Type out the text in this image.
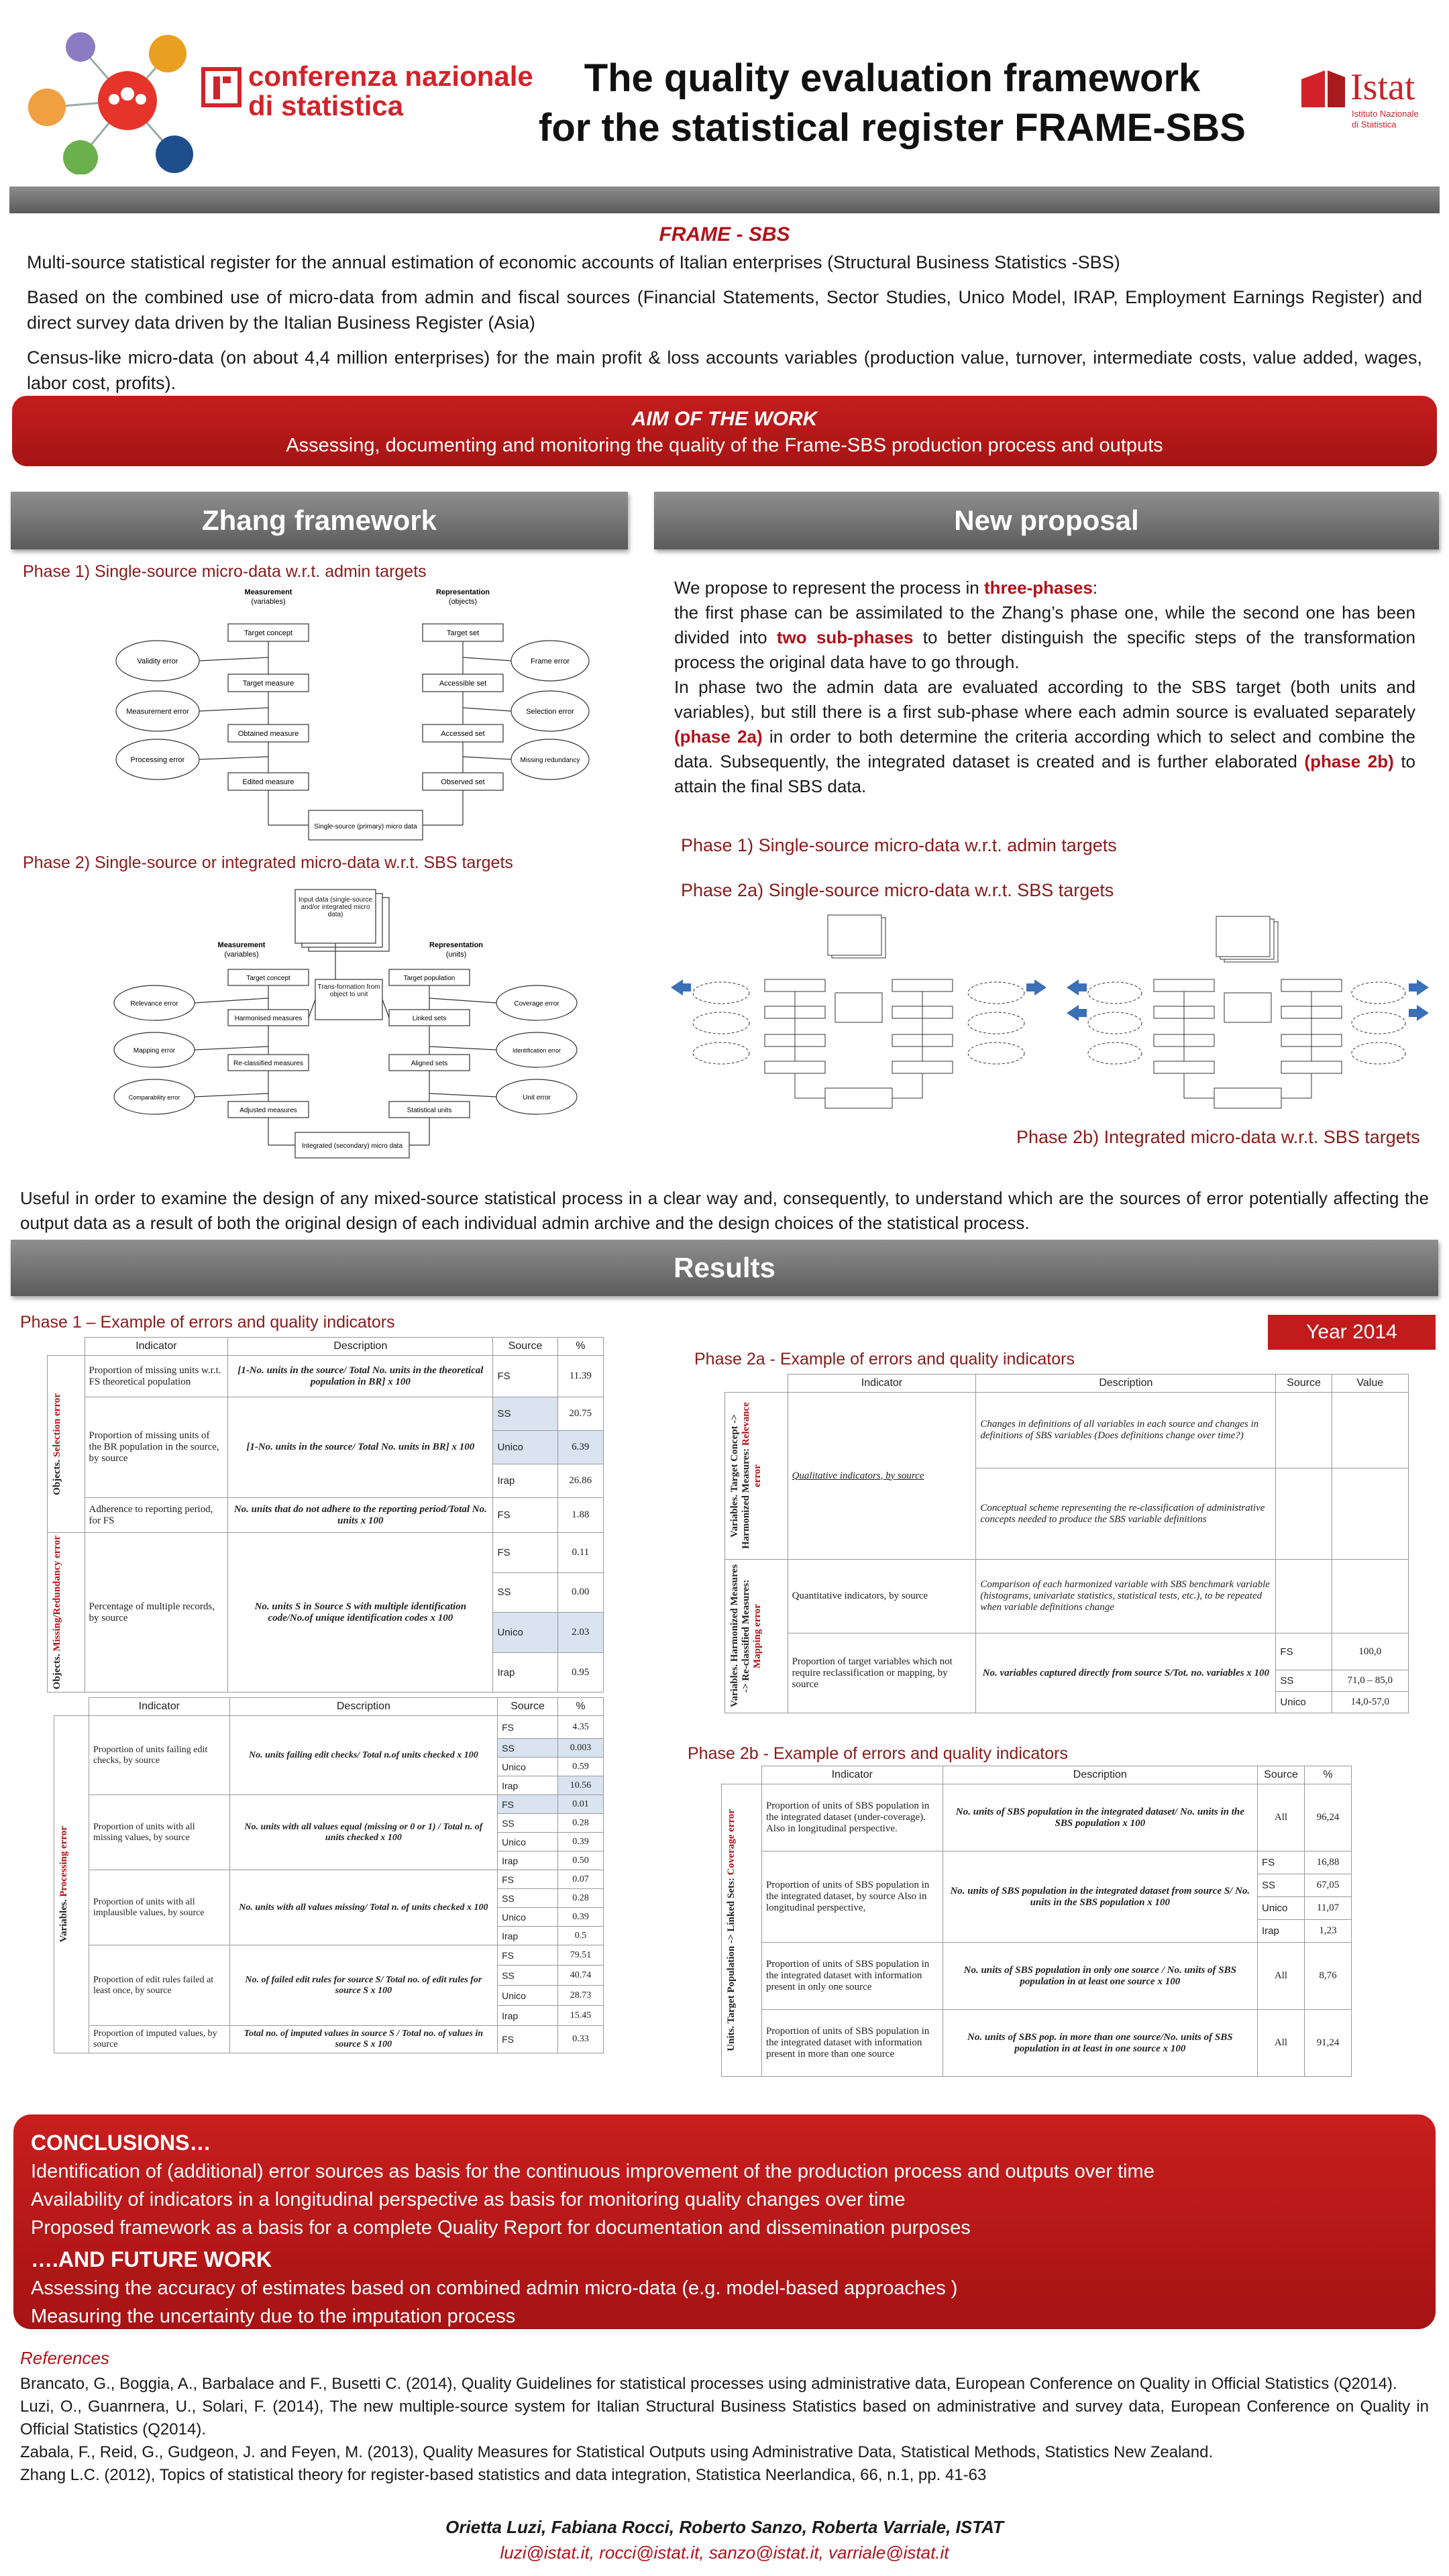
conferenza nazionale
di statistica
The quality evaluation framework
for the statistical register FRAME-SBS
Istat
Istituto Nazionale
di Statistica
FRAME - SBS

Multi-source statistical register for the annual estimation of economic accounts of Italian enterprises (Structural Business Statistics -SBS)

Based on the combined use of micro-data from admin and fiscal sources (Financial Statements, Sector Studies, Unico Model, IRAP, Employment Earnings Register) and direct survey data driven by the Italian Business Register (Asia)

Census-like micro-data (on about 4,4 million enterprises) for the main profit & loss accounts variables (production value, turnover, intermediate costs, value added, wages, labor cost, profits).

AIM OF THE WORK
Assessing, documenting and monitoring the quality of the Frame-SBS production process and outputs
Zhang framework	New proposal
Phase 1) Single-source micro-data w.r.t. admin targets
Measurement
(variables)
Representation
(objects)
Target concept
Target measure
Obtained measure
Edited measure
Target set
Accessible set
Accessed set
Observed set
Validity error
Measurement error
Processing error
Frame error
Selection error
Missing redundancy
Single-source (primary) micro data
Phase 2) Single-source or integrated micro-data w.r.t. SBS targets
Measurement
(variables)
Representation
(units)
Input data (single-source and/or integrated micro data)
Trans-formation from object to unit
Target concept
Harmonised measures
Re-classified measures
Adjusted measures
Target population
Linked sets
Aligned sets
Statistical units
Relevance error
Mapping error
Comparability error
Coverage error
Identification error
Unit error
Integrated (secondary) micro data

We propose to represent the process in three-phases:

the first phase can be assimilated to the Zhang’s phase one, while the second one has been divided into two sub-phases to better distinguish the specific steps of the transformation process the original data have to go through.

In phase two the admin data are evaluated according to the SBS target (both units and variables), but still there is a first sub-phase where each admin source is evaluated separately (phase 2a) in order to both determine the criteria according which to select and combine the data. Subsequently, the integrated dataset is created and is further elaborated (phase 2b) to attain the final SBS data.

Phase 1) Single-source micro-data w.r.t. admin targets
Phase 2a) Single-source micro-data w.r.t. SBS targets
Phase 2b) Integrated micro-data w.r.t. SBS targets
Useful in order to examine the design of any mixed-source statistical process in a clear way and, consequently, to understand which are the sources of error potentially affecting the output data as a result of both the original design of each individual admin archive and the design choices of the statistical process.
Results
Phase 1 – Example of errors and quality indicators	Year 2014
	Indicator	Description	Source	%

Objects. Selection error	Proportion of missing units w.r.t. FS theoretical population	[1-No. units in the source/ Total No. units in the theoretical population in BR] x 100	FS	11.39
	Proportion of missing units of the BR population in the source, by source	[1-No. units in the source/ Total No. units in BR] x 100	SS	20.75
			Unico	6.39
			Irap	26.86
	Adherence to reporting period, for FS	No. units that do not adhere to the reporting period/Total No. units x 100	FS	1.88

Objects. Missing/Redundancy error	Percentage of multiple records, by source	No. units S in Source S with multiple identification code/No.of unique identification codes x 100	FS	0.11
			SS	0.00
			Unico	2.03
			Irap	0.95
	Indicator	Description	Source	%

Variables. Processing error	Proportion of units failing edit checks, by source	No. units failing edit checks/ Total n.of units checked x 100	FS	4.35
			SS	0.003
			Unico	0.59
			Irap	10.56
	Proportion of units with all missing values, by source	No. units with all values equal (missing or 0 or 1) / Total n. of units checked x 100	FS	0.01
			SS	0.28
			Unico	0.39
			Irap	0.50
	Proportion of units with all implausible values, by source	No. units with all values missing/ Total n. of units checked x 100	FS	0.07
			SS	0.28
			Unico	0.39
			Irap	0.5
	Proportion of edit rules failed at least once, by source	No. of failed edit rules for source S/ Total no. of edit rules for source S x 100	FS	79.51
			SS	40.74
			Unico	28.73
			Irap	15.45
	Proportion of imputed values, by source	Total no. of imputed values in source S / Total no. of values in source S x 100	FS	0.33
Phase 2a - Example of errors and quality indicators
	Indicator	Description	Source	Value

Variables. Target Concept -> Harmonized Measures: Relevance error	Qualitative indicators, by source	Changes in definitions of all variables in each source and changes in definitions of SBS variables (Does definitions change over time?)		
		Conceptual scheme representing the re-classification of administrative concepts needed to produce the SBS variable definitions		

Variables. Harmonized Measures -> Re-classified Measures: Mapping error	Quantitative indicators, by source	Comparison of each harmonized variable with SBS benchmark variable (histograms, univariate statistics, statistical tests, etc.), to be repeated when variable definitions change		
	Proportion of target variables which not require reclassification or mapping, by source	No. variables captured directly from source S/Tot. no. variables x 100	FS	100,0
			SS	71,0 – 85,0
			Unico	14,0-57,0
Phase 2b - Example of errors and quality indicators
	Indicator	Description	Source	%

Units. Target Population -> Linked Sets: Coverage error	Proportion of units of SBS population in the integrated dataset (under-coverage). Also in longitudinal perspective.	No. units of SBS population in the integrated dataset/ No. units in the SBS population x 100	All	96,24
	Proportion of units of SBS population in the integrated dataset, by source Also in longitudinal perspective,	No. units of SBS population in the integrated dataset from source S/ No. units in the SBS population x 100	FS	16,88
			SS	67,05
			Unico	11,07
			Irap	1,23
	Proportion of units of SBS population in the integrated dataset with information present in only one source	No. units of SBS population in only one source / No. units of SBS population in at least one source x 100	All	8,76
	Proportion of units of SBS population in the integrated dataset with information present in more than one source	No. units of SBS pop. in more than one source/No. units of SBS population in at least in one source x 100	All	91,24
CONCLUSIONS…
Identification of (additional) error sources as basis for the continuous improvement of the production process and outputs over time
Availability of indicators in a longitudinal perspective as basis for monitoring quality changes over time
Proposed framework as a basis for a complete Quality Report for documentation and dissemination purposes
….AND FUTURE WORK
Assessing the accuracy of estimates based on combined admin micro-data (e.g. model-based approaches )
Measuring the uncertainty due to the imputation process
References

Brancato, G., Boggia, A., Barbalace and F., Busetti C. (2014), Quality Guidelines for statistical processes using administrative data, European Conference on Quality in Official Statistics (Q2014).

Luzi, O., Guanrnera, U., Solari, F. (2014), The new multiple-source system for Italian Structural Business Statistics based on administrative and survey data, European Conference on Quality in Official Statistics (Q2014).

Zabala, F., Reid, G., Gudgeon, J. and Feyen, M. (2013), Quality Measures for Statistical Outputs using Administrative Data, Statistical Methods, Statistics New Zealand.

Zhang L.C. (2012), Topics of statistical theory for register-based statistics and data integration, Statistica Neerlandica, 66, n.1, pp. 41-63

Orietta Luzi, Fabiana Rocci, Roberto Sanzo, Roberta Varriale, ISTAT
luzi@istat.it, rocci@istat.it, sanzo@istat.it, varriale@istat.it
